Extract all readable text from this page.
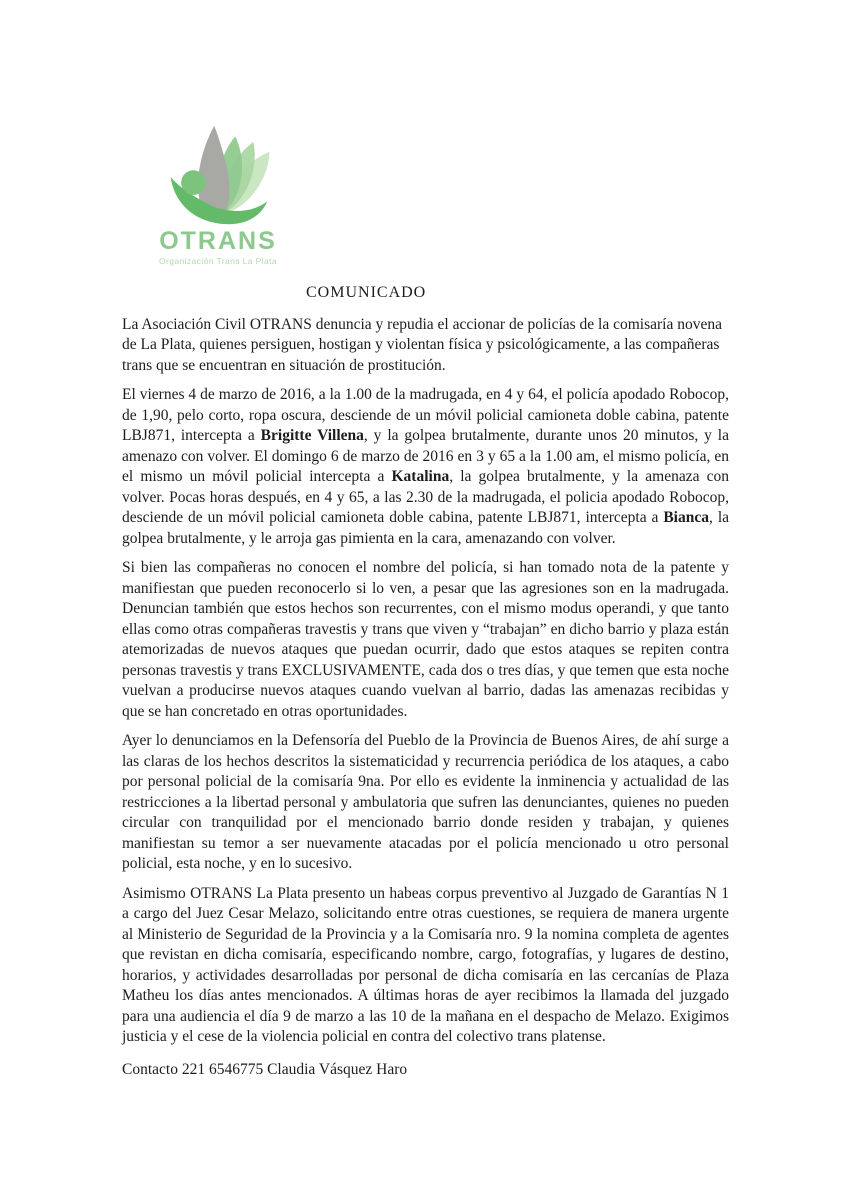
OTRANS
Organización Trans La Plata
COMUNICADO

La Asociación Civil OTRANS denuncia y repudia el accionar de policías de la comisaría novena de La Plata, quienes persiguen, hostigan y violentan física y psicológicamente, a las compañeras trans que se encuentran en situación de prostitución.

El viernes 4 de marzo de 2016, a la 1.00 de la madrugada, en 4 y 64, el policía apodado Robocop, de 1,90, pelo corto, ropa oscura, desciende de un móvil policial camioneta doble cabina, patente LBJ871, intercepta a Brigitte Villena, y la golpea brutalmente, durante unos 20 minutos, y la amenazo con volver. El domingo 6 de marzo de 2016 en 3 y 65 a la 1.00 am, el mismo policía, en el mismo un móvil policial intercepta a Katalina, la golpea brutalmente, y la amenaza con volver. Pocas horas después, en 4 y 65, a las 2.30 de la madrugada, el policia apodado Robocop, desciende de un móvil policial camioneta doble cabina, patente LBJ871, intercepta a Bianca, la golpea brutalmente, y le arroja gas pimienta en la cara, amenazando con volver.

Si bien las compañeras no conocen el nombre del policía, si han tomado nota de la patente y manifiestan que pueden reconocerlo si lo ven, a pesar que las agresiones son en la madrugada. Denuncian también que estos hechos son recurrentes, con el mismo modus operandi, y que tanto ellas como otras compañeras travestis y trans que viven y “trabajan” en dicho barrio y plaza están atemorizadas de nuevos ataques que puedan ocurrir, dado que estos ataques se repiten contra personas travestis y trans EXCLUSIVAMENTE, cada dos o tres días, y que temen que esta noche vuelvan a producirse nuevos ataques cuando vuelvan al barrio, dadas las amenazas recibidas y que se han concretado en otras oportunidades.

Ayer lo denunciamos en la Defensoría del Pueblo de la Provincia de Buenos Aires, de ahí surge a las claras de los hechos descritos la sistematicidad y recurrencia periódica de los ataques, a cabo por personal policial de la comisaría 9na. Por ello es evidente la inminencia y actualidad de las restricciones a la libertad personal y ambulatoria que sufren las denunciantes, quienes no pueden circular con tranquilidad por el mencionado barrio donde residen y trabajan, y quienes manifiestan su temor a ser nuevamente atacadas por el policía mencionado u otro personal policial, esta noche, y en lo sucesivo.

Asimismo OTRANS La Plata presento un habeas corpus preventivo al Juzgado de Garantías N 1 a cargo del Juez Cesar Melazo, solicitando entre otras cuestiones, se requiera de manera urgente al Ministerio de Seguridad de la Provincia y a la Comisaría nro. 9 la nomina completa de agentes que revistan en dicha comisaría, especificando nombre, cargo, fotografías, y lugares de destino, horarios, y actividades desarrolladas por personal de dicha comisaría en las cercanías de Plaza Matheu los días antes mencionados. A últimas horas de ayer recibimos la llamada del juzgado para una audiencia el día 9 de marzo a las 10 de la mañana en el despacho de Melazo. Exigimos justicia y el cese de la violencia policial en contra del colectivo trans platense.

Contacto 221 6546775 Claudia Vásquez Haro
